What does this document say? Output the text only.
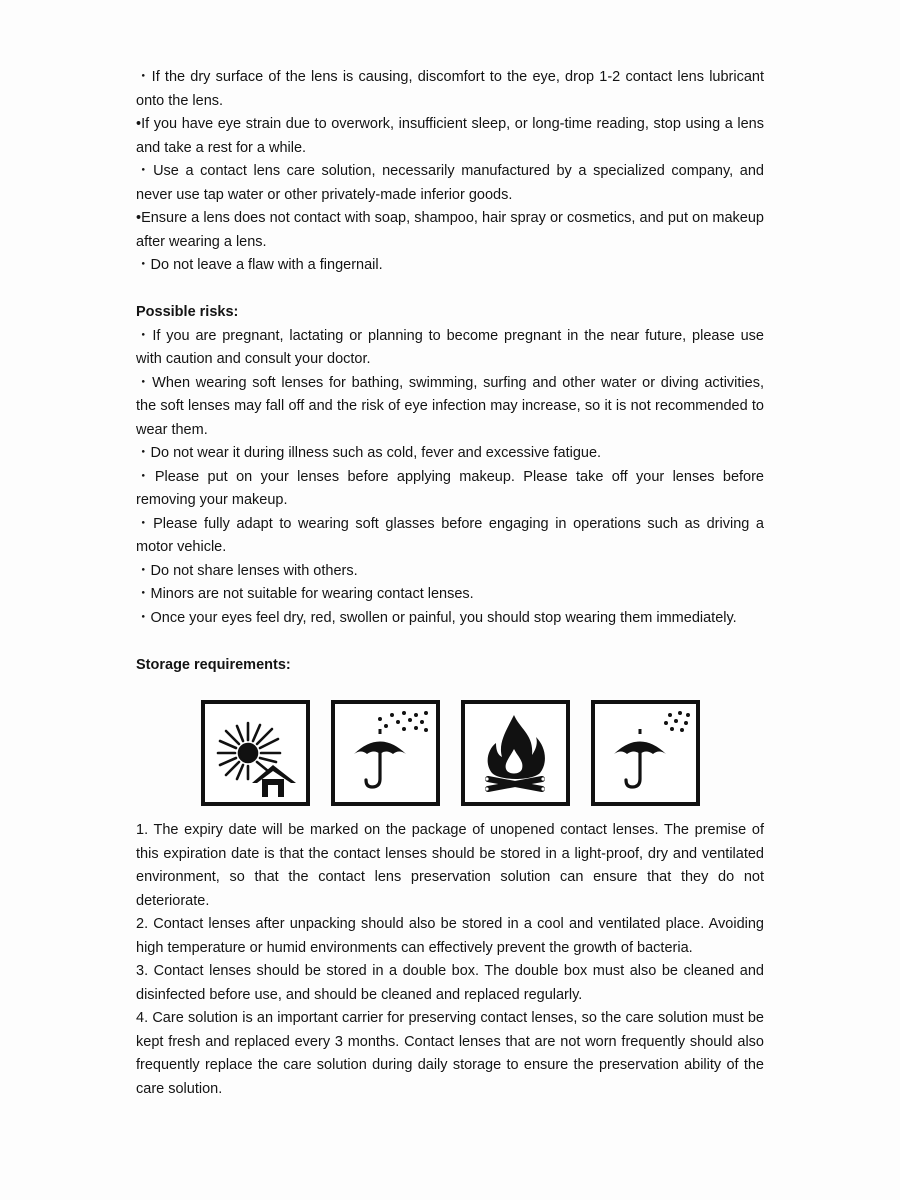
・If the dry surface of the lens is causing, discomfort to the eye, drop 1-2 contact lens lubricant onto the lens.

•If you have eye strain due to overwork, insufficient sleep, or long-time reading, stop using a lens and take a rest for a while.

・Use a contact lens care solution, necessarily manufactured by a specialized company, and never use tap water or other privately-made inferior goods.

•Ensure a lens does not contact with soap, shampoo, hair spray or cosmetics, and put on makeup after wearing a lens.

・Do not leave a flaw with a fingernail.

Possible risks:

・If you are pregnant, lactating or planning to become pregnant in the near future, please use with caution and consult your doctor.

・When wearing soft lenses for bathing, swimming, surfing and other water or diving activities, the soft lenses may fall off and the risk of eye infection may increase, so it is not recommended to wear them.

・Do not wear it during illness such as cold, fever and excessive fatigue.

・Please put on your lenses before applying makeup. Please take off your lenses before removing your makeup.

・Please fully adapt to wearing soft glasses before engaging in operations such as driving a motor vehicle.

・Do not share lenses with others.

・Minors are not suitable for wearing contact lenses.

・Once your eyes feel dry, red, swollen or painful, you should stop wearing them immediately.

Storage requirements:

1. The expiry date will be marked on the package of unopened contact lenses. The premise of this expiration date is that the contact lenses should be stored in a light-proof, dry and ventilated environment, so that the contact lens preservation solution can ensure that they do not deteriorate.

2. Contact lenses after unpacking should also be stored in a cool and ventilated place. Avoiding high temperature or humid environments can effectively prevent the growth of bacteria.

3. Contact lenses should be stored in a double box. The double box must also be cleaned and disinfected before use, and should be cleaned and replaced regularly.

4. Care solution is an important carrier for preserving contact lenses, so the care solution must be kept fresh and replaced every 3 months. Contact lenses that are not worn frequently should also frequently replace the care solution during daily storage to ensure the preservation ability of the care solution.
